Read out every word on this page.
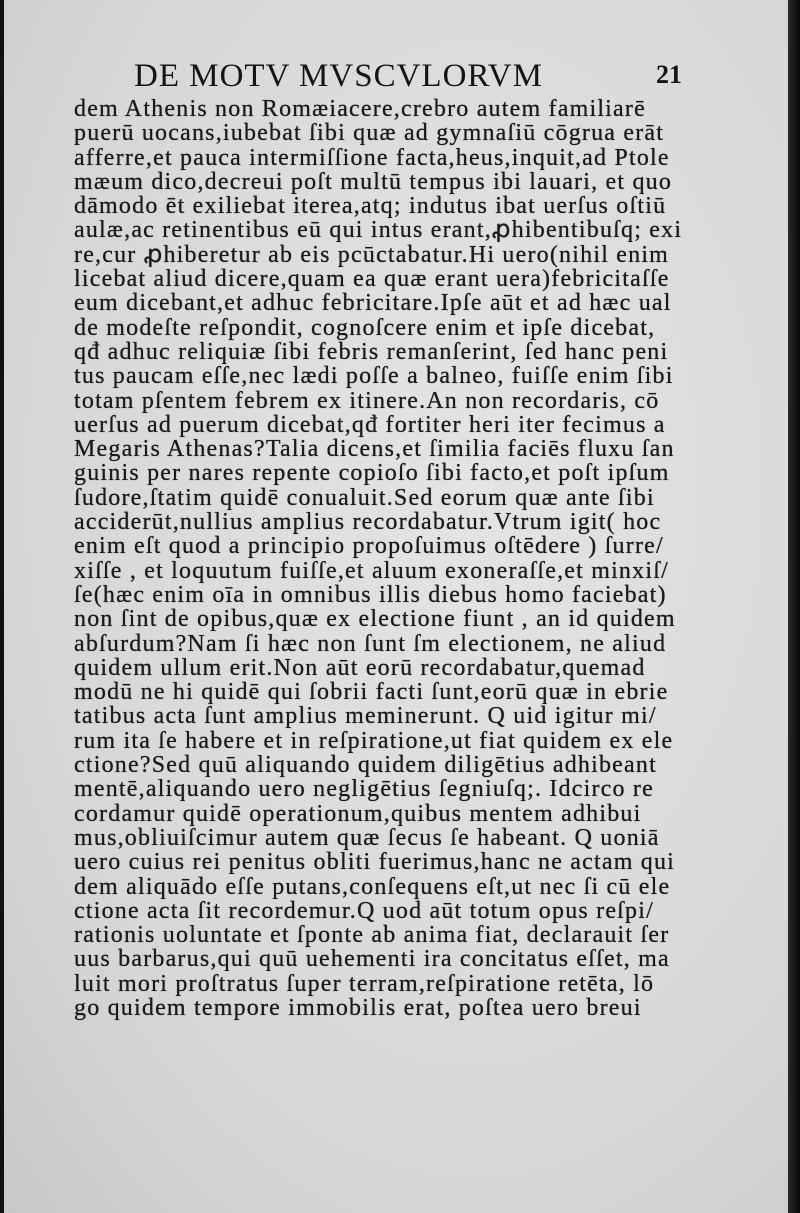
DE MOTV MVSCVLORVM	21
dem Athenis non Romæiacere,crebro autem familiarē
puerū uocans,iubebat ſibi quæ ad gymnaſiū cōgrua erāt
afferre,et pauca intermiſſione facta,heus,inquit,ad Ptole
mæum dico,decreui poſt multū tempus ibi lauari, et quo
dāmodo ēt exiliebat iterea,atq; indutus ibat uerſus oſtiū
aulæ,ac retinentibus eū qui intus erant,ꝓhibentibuſq; exi
re,cur ꝓhiberetur ab eis pcūctabatur.Hi uero(nihil enim
licebat aliud dicere,quam ea quæ erant uera)febricitaſſe
eum dicebant,et adhuc febricitare.Ipſe aūt et ad hæc ual
de modeſte reſpondit, cognoſcere enim et ipſe dicebat,
qđ adhuc reliquiæ ſibi febris remanſerint, ſed hanc peni
tus paucam eſſe,nec lædi poſſe a balneo, fuiſſe enim ſibi
totam pſentem febrem ex itinere.An non recordaris, cō
uerſus ad puerum dicebat,qđ fortiter heri iter fecimus a
Megaris Athenas?Talia dicens,et ſimilia faciēs fluxu ſan
guinis per nares repente copioſo ſibi facto,et poſt ipſum
ſudore,ſtatim quidē conualuit.Sed eorum quæ ante ſibi
acciderūt,nullius amplius recordabatur.Vtrum igit( hoc
enim eſt quod a principio propoſuimus oſtēdere ) ſurre/
xiſſe , et loquutum fuiſſe,et aluum exoneraſſe,et minxiſ/
ſe(hæc enim oīa in omnibus illis diebus homo faciebat)
non ſint de opibus,quæ ex electione fiunt , an id quidem
abſurdum?Nam ſi hæc non ſunt ſm electionem, ne aliud
quidem ullum erit.Non aūt eorū recordabatur,quemad
modū ne hi quidē qui ſobrii facti ſunt,eorū quæ in ebrie
tatibus acta ſunt amplius meminerunt. Q uid igitur mi/
rum ita ſe habere et in reſpiratione,ut fiat quidem ex ele
ctione?Sed quū aliquando quidem diligētius adhibeant
mentē,aliquando uero negligētius ſegniuſq;. Idcirco re
cordamur quidē operationum,quibus mentem adhibui
mus,obliuiſcimur autem quæ ſecus ſe habeant. Q uoniā
uero cuius rei penitus obliti fuerimus,hanc ne actam qui
dem aliquādo eſſe putans,conſequens eſt,ut nec ſi cū ele
ctione acta ſit recordemur.Q uod aūt totum opus reſpi/
rationis uoluntate et ſponte ab anima fiat, declarauit ſer
uus barbarus,qui quū uehementi ira concitatus eſſet, ma
luit mori proſtratus ſuper terram,reſpiratione retēta, lō
go quidem tempore immobilis erat, poſtea uero breui
